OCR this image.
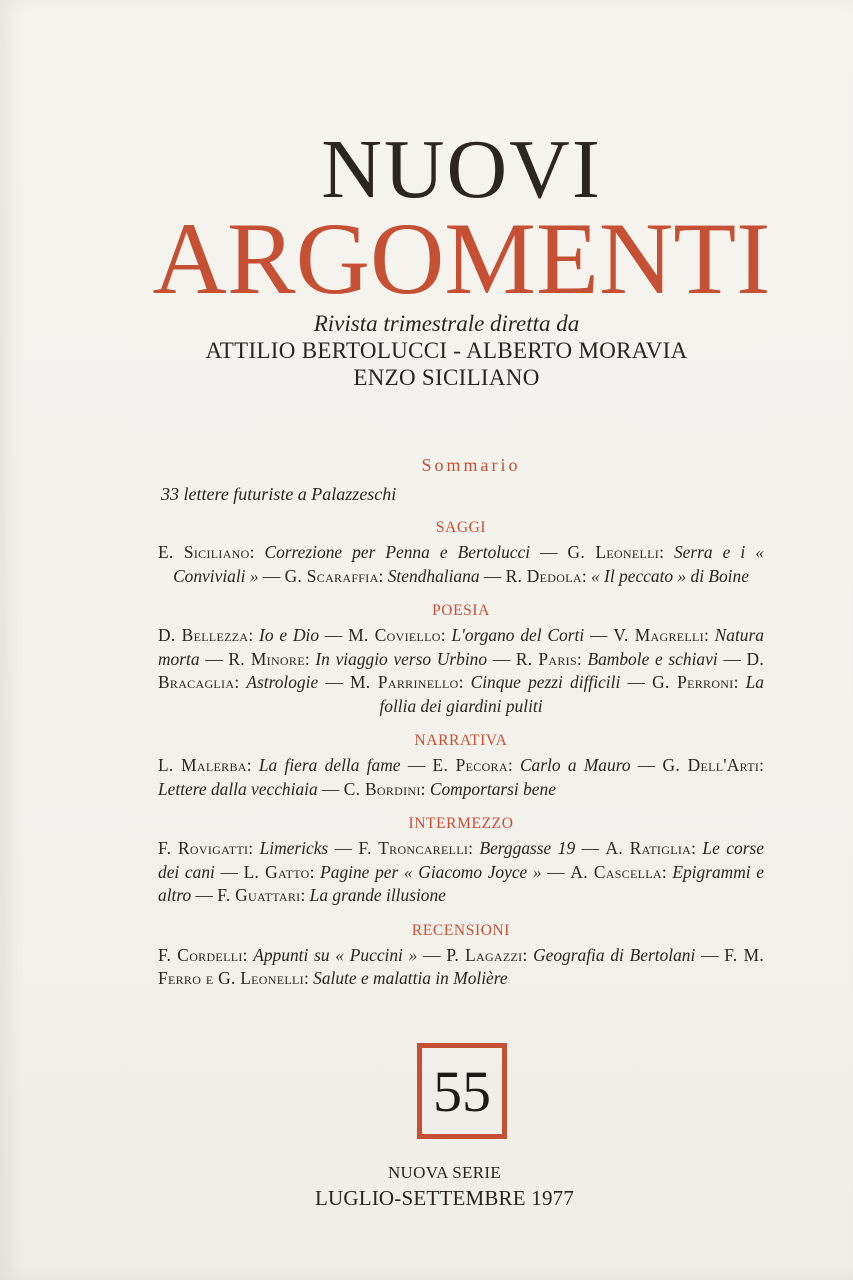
NUOVI
ARGOMENTI
Rivista trimestrale diretta da
ATTILIO BERTOLUCCI - ALBERTO MORAVIA
ENZO SICILIANO
Sommario
33 lettere futuriste a Palazzeschi
SAGGI
E. Siciliano: Correzione per Penna e Bertolucci — G. Leonelli: Serra e i « Conviviali » — G. Scaraffia: Stendhaliana — R. Dedola: « Il peccato » di Boine
POESIA
D. Bellezza: Io e Dio — M. Coviello: L'organo del Corti — V. Magrelli: Natura morta — R. Minore: In viaggio verso Urbino — R. Paris: Bambole e schiavi — D. Bracaglia: Astrologie — M. Parrinello: Cinque pezzi difficili — G. Perroni: La follia dei giardini puliti
NARRATIVA
L. Malerba: La fiera della fame — E. Pecora: Carlo a Mauro — G. Dell'Arti: Lettere dalla vecchiaia — C. Bordini: Comportarsi bene
INTERMEZZO
F. Rovigatti: Limericks — F. Troncarelli: Berggasse 19 — A. Ratiglia: Le corse dei cani — L. Gatto: Pagine per « Giacomo Joyce » — A. Cascella: Epigrammi e altro — F. Guattari: La grande illusione
RECENSIONI
F. Cordelli: Appunti su « Puccini » — P. Lagazzi: Geografia di Bertolani — F. M. Ferro e G. Leonelli: Salute e malattia in Molière
55
NUOVA SERIE
LUGLIO-SETTEMBRE 1977
